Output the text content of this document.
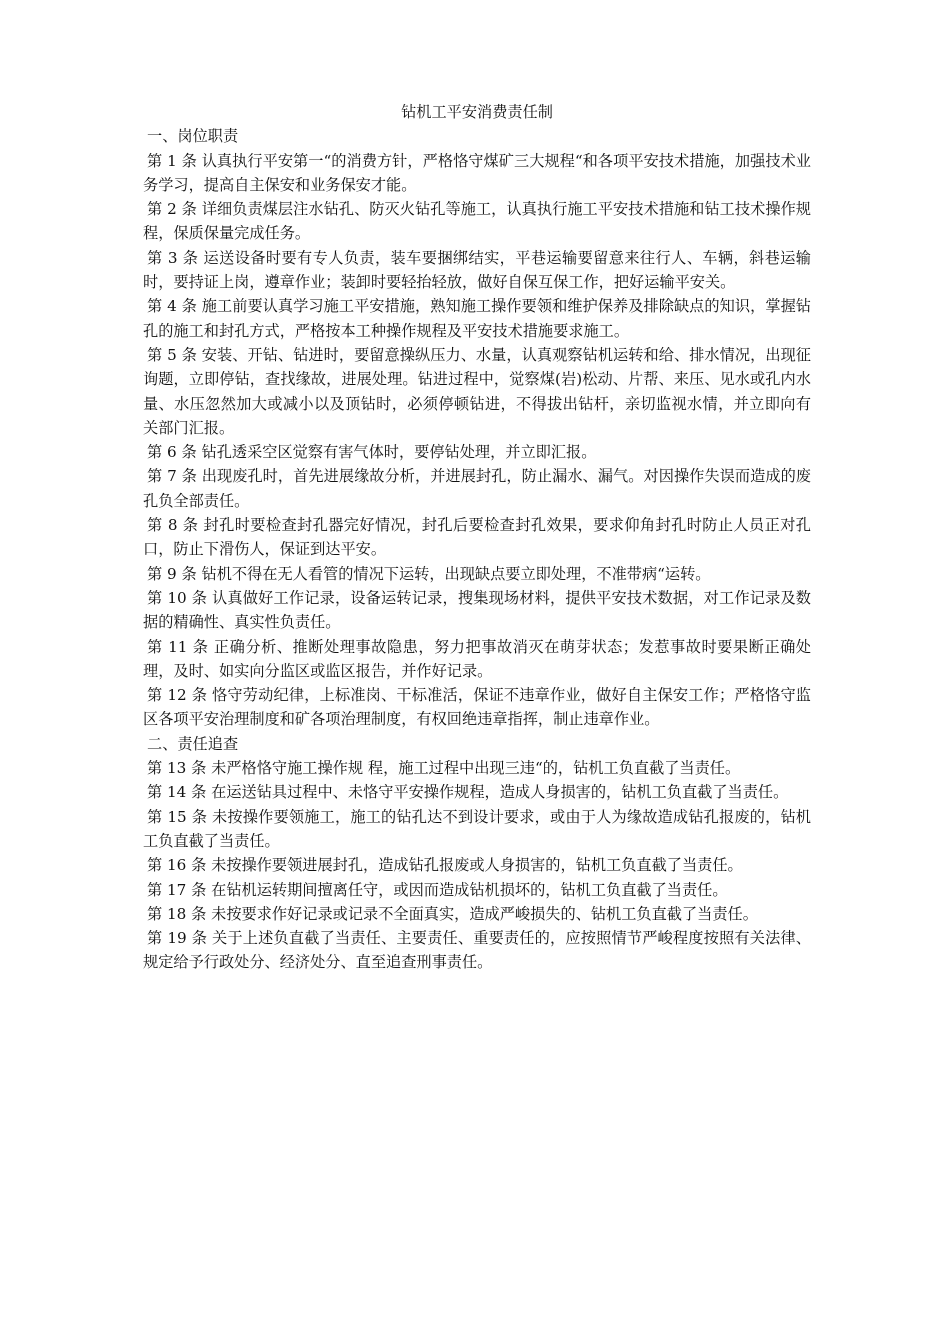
钻机工平安消费责任制

一、岗位职责

第 1 条 认真执行平安第一“的消费方针，严格恪守煤矿三大规程“和各项平安技术措施，加强技术业务学习，提高自主保安和业务保安才能。

第 2 条 详细负责煤层注水钻孔、防灭火钻孔等施工，认真执行施工平安技术措施和钻工技术操作规程，保质保量完成任务。

第 3 条 运送设备时要有专人负责，装车要捆绑结实，平巷运输要留意来往行人、车辆，斜巷运输时，要持证上岗，遵章作业；装卸时要轻抬轻放，做好自保互保工作，把好运输平安关。

第 4 条 施工前要认真学习施工平安措施，熟知施工操作要领和维护保养及排除缺点的知识，掌握钻孔的施工和封孔方式，严格按本工种操作规程及平安技术措施要求施工。

第 5 条 安装、开钻、钻进时，要留意操纵压力、水量，认真观察钻机运转和给、排水情况，出现征询题，立即停钻，查找缘故，进展处理。钻进过程中，觉察煤(岩)松动、片帮、来压、见水或孔内水量、水压忽然加大或减小以及顶钻时，必须停顿钻进，不得拔出钻杆，亲切监视水情，并立即向有关部门汇报。

第 6 条 钻孔透采空区觉察有害气体时，要停钻处理，并立即汇报。

第 7 条 出现废孔时，首先进展缘故分析，并进展封孔，防止漏水、漏气。对因操作失误而造成的废孔负全部责任。

第 8 条 封孔时要检查封孔器完好情况，封孔后要检查封孔效果，要求仰角封孔时防止人员正对孔口，防止下滑伤人，保证到达平安。

第 9 条 钻机不得在无人看管的情况下运转，出现缺点要立即处理，不准带病“运转。

第 10 条 认真做好工作记录，设备运转记录，搜集现场材料，提供平安技术数据，对工作记录及数据的精确性、真实性负责任。

第 11 条 正确分析、推断处理事故隐患，努力把事故消灭在萌芽状态；发惹事故时要果断正确处理，及时、如实向分监区或监区报告，并作好记录。

第 12 条 恪守劳动纪律，上标准岗、干标准活，保证不违章作业，做好自主保安工作；严格恪守监区各项平安治理制度和矿各项治理制度，有权回绝违章指挥，制止违章作业。

二、责任追查

第 13 条 未严格恪守施工操作规 程，施工过程中出现三违“的，钻机工负直截了当责任。

第 14 条 在运送钻具过程中、未恪守平安操作规程，造成人身损害的，钻机工负直截了当责任。

第 15 条 未按操作要领施工，施工的钻孔达不到设计要求，或由于人为缘故造成钻孔报废的，钻机工负直截了当责任。

第 16 条 未按操作要领进展封孔，造成钻孔报废或人身损害的，钻机工负直截了当责任。

第 17 条 在钻机运转期间擅离任守，或因而造成钻机损坏的，钻机工负直截了当责任。

第 18 条 未按要求作好记录或记录不全面真实，造成严峻损失的、钻机工负直截了当责任。

第 19 条 关于上述负直截了当责任、主要责任、重要责任的，应按照情节严峻程度按照有关法律、规定给予行政处分、经济处分、直至追查刑事责任。
